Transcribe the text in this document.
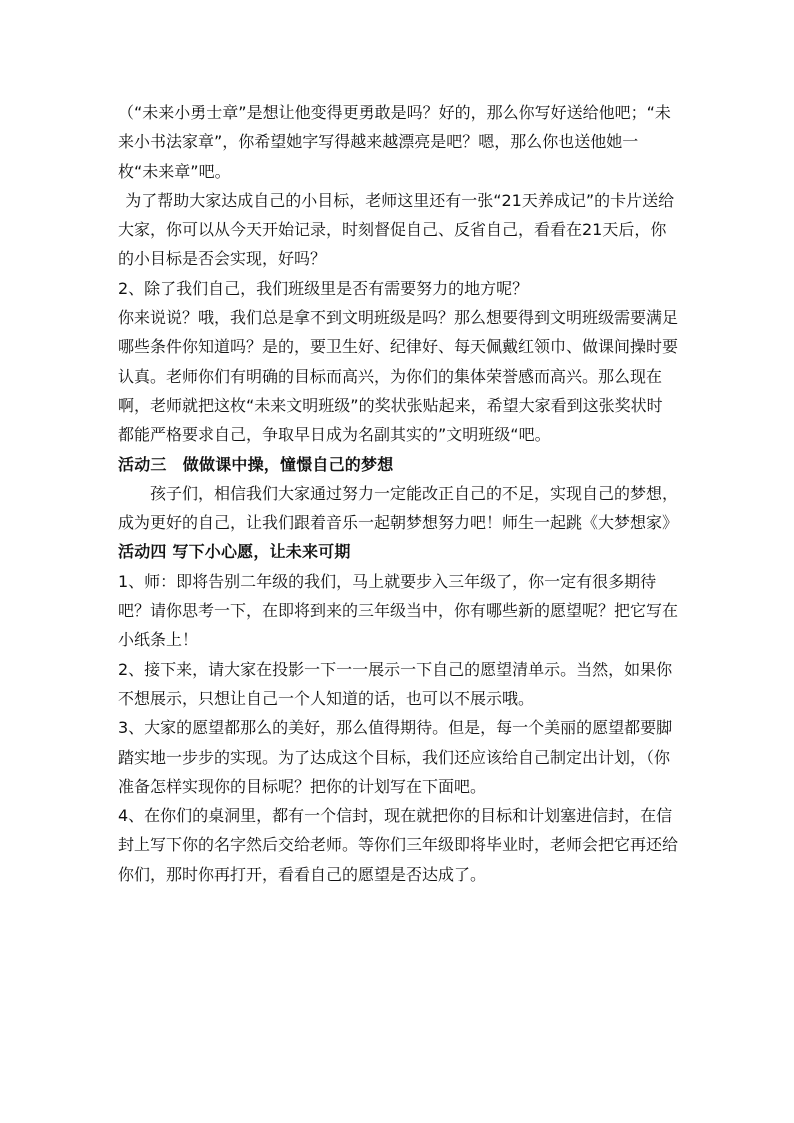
（“未来小勇士章”是想让他变得更勇敢是吗？好的，那么你写好送给他吧；“未来小书法家章”，你希望她字写得越来越漂亮是吧？嗯，那么你也送他她一枚“未来章”吧。

为了帮助大家达成自己的小目标，老师这里还有一张“21天养成记”的卡片送给大家，你可以从今天开始记录，时刻督促自己、反省自己，看看在21天后，你的小目标是否会实现，好吗？

2、除了我们自己，我们班级里是否有需要努力的地方呢？

你来说说？哦，我们总是拿不到文明班级是吗？那么想要得到文明班级需要满足哪些条件你知道吗？是的，要卫生好、纪律好、每天佩戴红领巾、做课间操时要认真。老师你们有明确的目标而高兴，为你们的集体荣誉感而高兴。那么现在啊，老师就把这枚“未来文明班级”的奖状张贴起来，希望大家看到这张奖状时都能严格要求自己，争取早日成为名副其实的”文明班级“吧。

活动三　做做课中操，憧憬自己的梦想

孩子们，相信我们大家通过努力一定能改正自己的不足，实现自己的梦想，成为更好的自己，让我们跟着音乐一起朝梦想努力吧！师生一起跳《大梦想家》

活动四 写下小心愿，让未来可期

1、师：即将告别二年级的我们，马上就要步入三年级了，你一定有很多期待吧？请你思考一下，在即将到来的三年级当中，你有哪些新的愿望呢？把它写在小纸条上！

2、接下来，请大家在投影一下一一展示一下自己的愿望清单示。当然，如果你不想展示，只想让自己一个人知道的话，也可以不展示哦。

3、大家的愿望都那么的美好，那么值得期待。但是，每一个美丽的愿望都要脚踏实地一步步的实现。为了达成这个目标，我们还应该给自己制定出计划，（你准备怎样实现你的目标呢？把你的计划写在下面吧。

4、在你们的桌洞里，都有一个信封，现在就把你的目标和计划塞进信封，在信封上写下你的名字然后交给老师。等你们三年级即将毕业时，老师会把它再还给你们，那时你再打开，看看自己的愿望是否达成了。
